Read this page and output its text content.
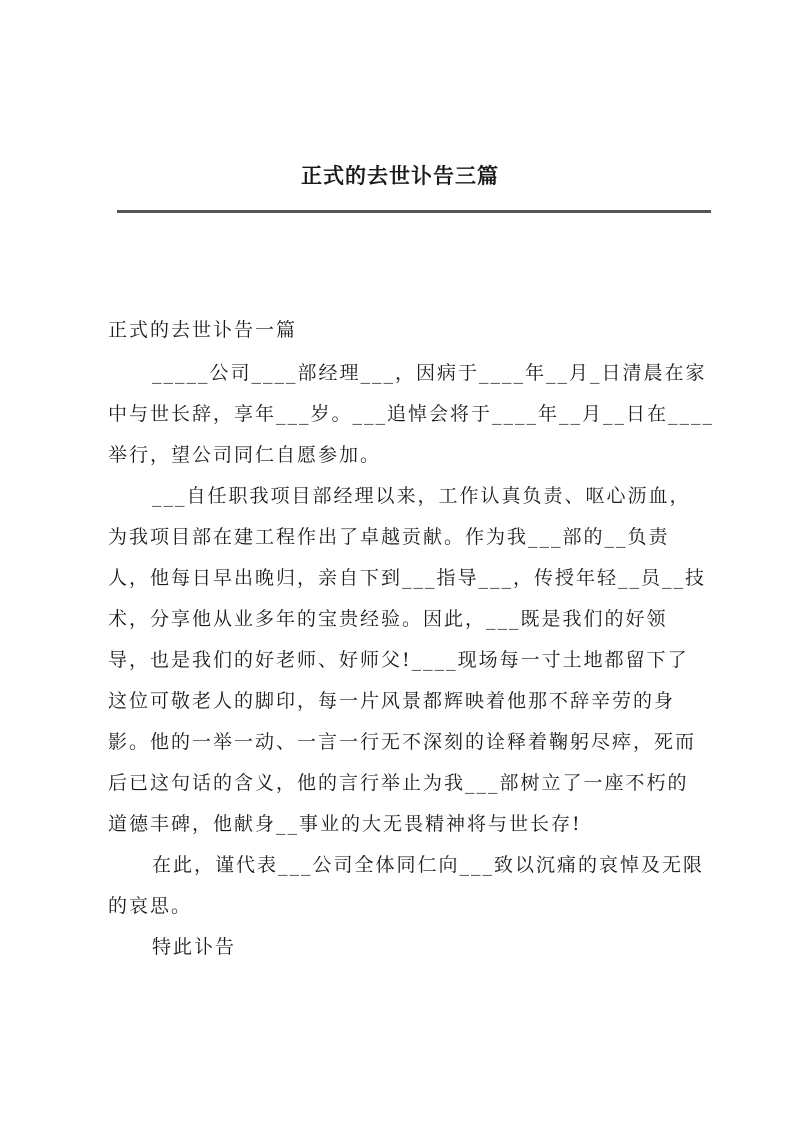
正式的去世讣告三篇
正式的去世讣告一篇
_____公司____部经理___，因病于____年__月_日清晨在家
中与世长辞，享年___岁。___追悼会将于____年__月__日在____
举行，望公司同仁自愿参加。
___自任职我项目部经理以来，工作认真负责、呕心沥血，
为我项目部在建工程作出了卓越贡献。作为我___部的__负责
人，他每日早出晚归，亲自下到___指导___，传授年轻__员__技
术，分享他从业多年的宝贵经验。因此，___既是我们的好领
导，也是我们的好老师、好师父!____现场每一寸土地都留下了
这位可敬老人的脚印，每一片风景都辉映着他那不辞辛劳的身
影。他的一举一动、一言一行无不深刻的诠释着鞠躬尽瘁，死而
后已这句话的含义，他的言行举止为我___部树立了一座不朽的
道德丰碑，他献身__事业的大无畏精神将与世长存!
在此，谨代表___公司全体同仁向___致以沉痛的哀悼及无限
的哀思。
特此讣告
